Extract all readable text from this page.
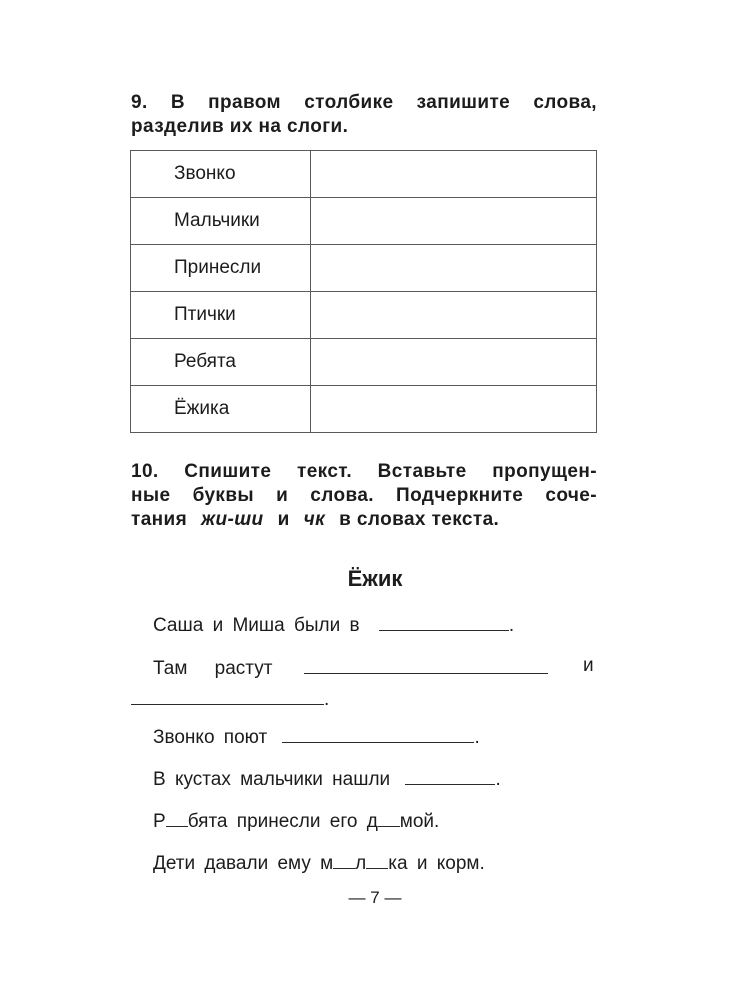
9. В правом столбике запишите слова,
разделив их на слоги.
Звонко	
Мальчики	
Принесли	
Птички	
Ребята	
Ёжика	
10. Спишите текст. Вставьте пропущен-
ные буквы и слова. Подчеркните соче-
тания жи-ши и чк в словах текста.
Ёжик
Саша и Миша были в	.
Там растут	и
.
Звонко поют	.
В кустах мальчики нашли	.
Р бята принесли его д мой.
Дети давали ему м л ка и корм.
— 7 —
